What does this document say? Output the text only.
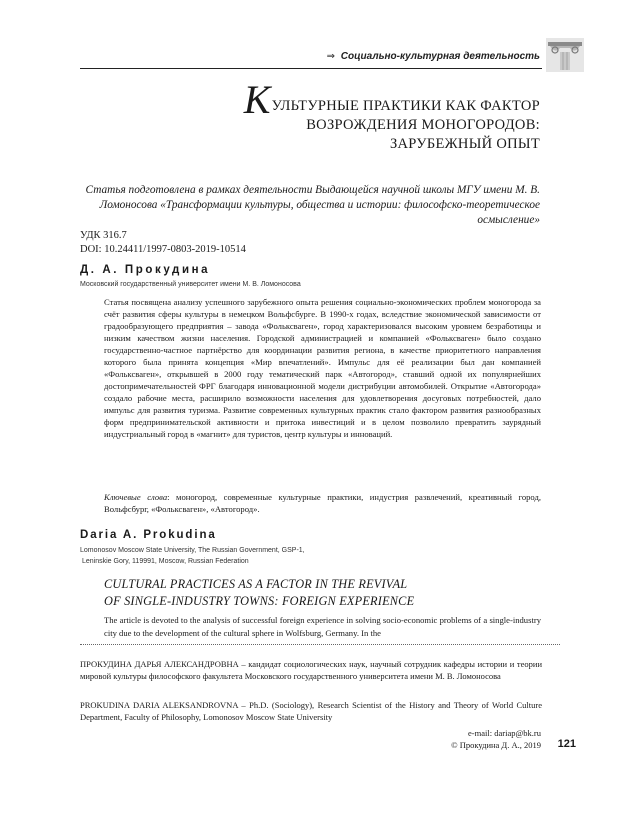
⇒ Социально-культурная деятельность
КУЛЬТУРНЫЕ ПРАКТИКИ КАК ФАКТОР
ВОЗРОЖДЕНИЯ МОНОГОРОДОВ:
ЗАРУБЕЖНЫЙ ОПЫТ
Статья подготовлена в рамках деятельности Выдающейся научной школы МГУ имени М. В. Ломоносова «Трансформации культуры, общества и истории: философско-теоретическое осмысление»
УДК 316.7
DOI: 10.24411/1997-0803-2019-10514
Д. А. Прокудина
Московский государственный университет имени М. В. Ломоносова
Статья посвящена анализу успешного зарубежного опыта решения социально-экономических проблем моногорода за счёт развития сферы культуры в немецком Вольфсбурге. В 1990-х годах, вследствие экономической зависимости от градообразующего предприятия – завода «Фольксваген», город характеризовался высоким уровнем безработицы и низким качеством жизни населения. Городской администрацией и компанией «Фольксваген» было создано государственно-частное партнёрство для координации развития региона, в качестве приоритетного направления которого была принята концепция «Мир впечатлений». Импульс для её реализации был дан компанией «Фольксваген», открывшей в 2000 году тематический парк «Автогород», ставший одной их популярнейших достопримечательностей ФРГ благодаря инновационной модели дистрибуции автомобилей. Открытие «Автогорода» создало рабочие места, расширило возможности населения для удовлетворения досуговых потребностей, дало импульс для развития туризма. Развитие современных культурных практик стало фактором развития разнообразных форм предпринимательской активности и притока инвестиций и в целом позволило превратить заурядный индустриальный город в «магнит» для туристов, центр культуры и инноваций.
Ключевые слова: моногород, современные культурные практики, индустрия развлечений, креативный город, Вольфсбург, «Фольксваген», «Автогород».
Daria A. Prokudina
Lomonosov Moscow State University, The Russian Government, GSP-1,
Leninskie Gory, 119991, Moscow, Russian Federation
CULTURAL PRACTICES AS A FACTOR IN THE REVIVAL
OF SINGLE-INDUSTRY TOWNS: FOREIGN EXPERIENCE
The article is devoted to the analysis of successful foreign experience in solving socio-economic problems of a single-industry city due to the development of the cultural sphere in Wolfsburg, Germany. In the
ПРОКУДИНА ДАРЬЯ АЛЕКСАНДРОВНА – кандидат социологических наук, научный сотрудник кафедры истории и теории мировой культуры философского факультета Московского государственного университета имени М. В. Ломоносова
PROKUDINA DARIA ALEKSANDROVNA – Ph.D. (Sociology), Research Scientist of the History and Theory of World Culture Department, Faculty of Philosophy, Lomonosov Moscow State University
e-mail: dariap@bk.ru
© Прокудина Д. А., 2019	121
